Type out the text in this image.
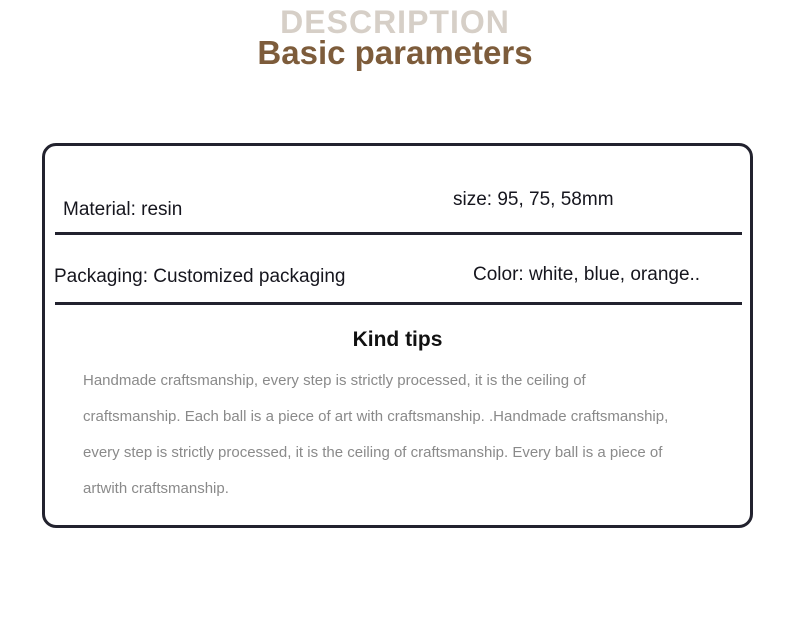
DESCRIPTION
Basic parameters
Material: resin	size: 95, 75, 58mm
Packaging: Customized packaging	Color: white, blue, orange..
Kind tips
Handmade craftsmanship, every step is strictly processed, it is the ceiling of
craftsmanship. Each ball is a piece of art with craftsmanship. .Handmade craftsmanship,
every step is strictly processed, it is the ceiling of craftsmanship. Every ball is a piece of
artwith craftsmanship.
